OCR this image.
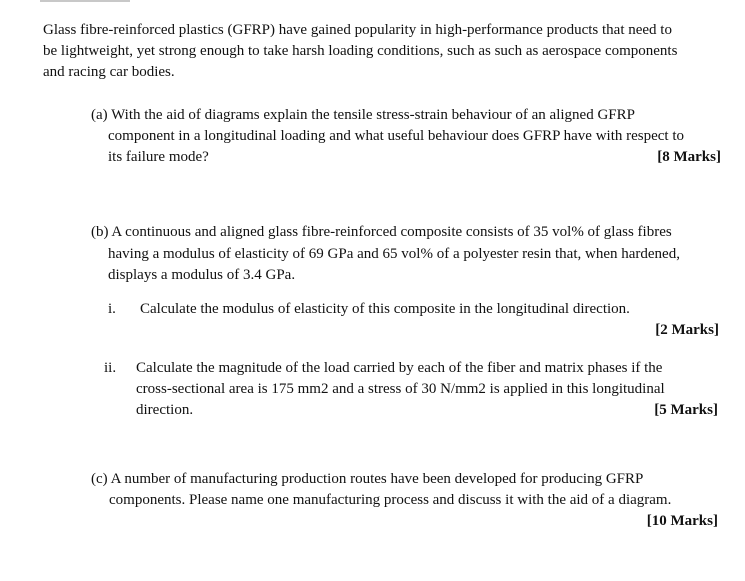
Glass fibre-reinforced plastics (GFRP) have gained popularity in high-performance products that need to
be lightweight, yet strong enough to take harsh loading conditions, such as such as aerospace components
and racing car bodies.
(a) With the aid of diagrams explain the tensile stress-strain behaviour of an aligned GFRP
component in a longitudinal loading and what useful behaviour does GFRP have with respect to
its failure mode?	[8 Marks]
(b) A continuous and aligned glass fibre-reinforced composite consists of 35 vol% of glass fibres
having a modulus of elasticity of 69 GPa and 65 vol% of a polyester resin that, when hardened,
displays a modulus of 3.4 GPa.
i. Calculate the modulus of elasticity of this composite in the longitudinal direction.
[2 Marks]
ii. Calculate the magnitude of the load carried by each of the fiber and matrix phases if the
cross-sectional area is 175 mm2 and a stress of 30 N/mm2 is applied in this longitudinal
direction.	[5 Marks]
(c) A number of manufacturing production routes have been developed for producing GFRP
components. Please name one manufacturing process and discuss it with the aid of a diagram.
[10 Marks]
